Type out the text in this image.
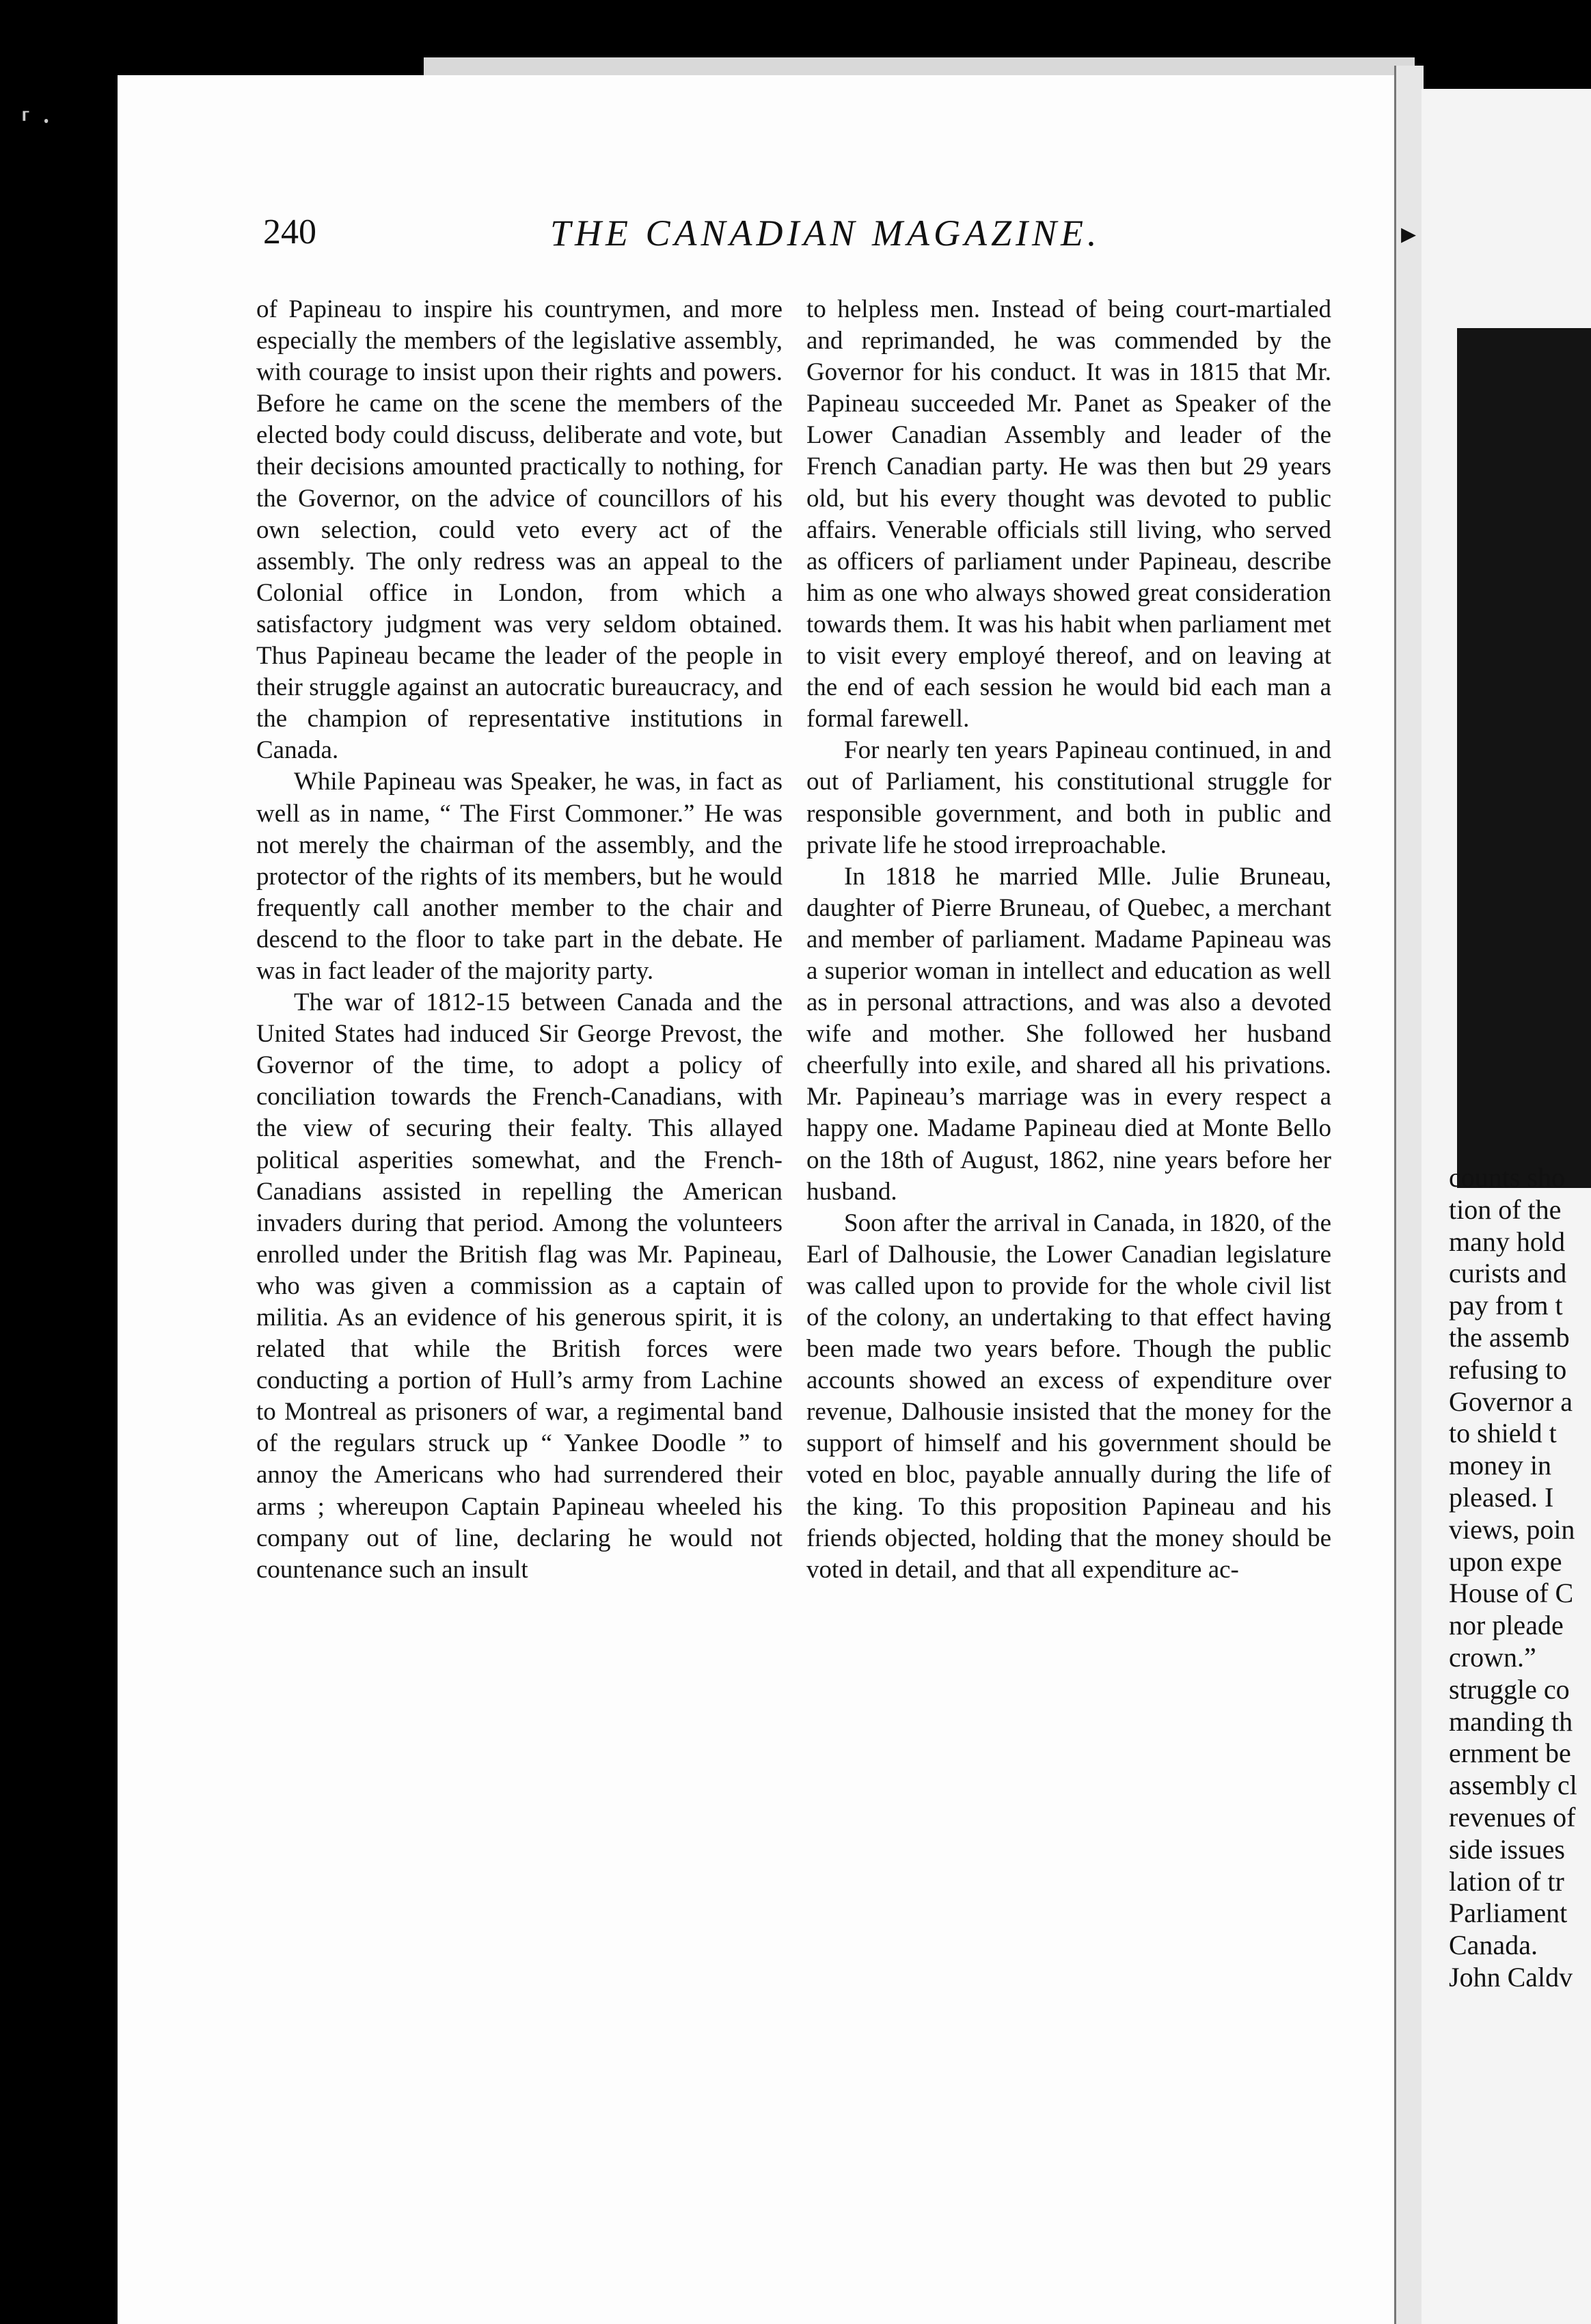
⸢ ᛫
counts sho
tion of the
many hold
curists and
pay from t
the assemb
refusing to
Governor a
to shield t
money in
pleased. I
views, poin
upon expe
House of C
nor pleade
crown.”
struggle co
manding th
ernment be
assembly cl
revenues of
side issues
lation of tr
Parliament
Canada.
John Caldv
240	THE CANADIAN MAGAZINE.	▸

of Papineau to inspire his countrymen, and more especially the members of the legislative assembly, with courage to insist upon their rights and powers. Before he came on the scene the members of the elected body could discuss, deliberate and vote, but their decisions amounted practically to nothing, for the Governor, on the advice of councillors of his own selection, could veto every act of the assembly. The only redress was an appeal to the Colonial office in London, from which a satisfactory judgment was very seldom obtained. Thus Papineau became the leader of the people in their struggle against an autocratic bureaucracy, and the champion of representative institutions in Canada.

While Papineau was Speaker, he was, in fact as well as in name, “ The First Commoner.” He was not merely the chairman of the assembly, and the protector of the rights of its members, but he would frequently call another member to the chair and descend to the floor to take part in the debate. He was in fact leader of the majority party.

The war of 1812-15 between Canada and the United States had induced Sir George Prevost, the Governor of the time, to adopt a policy of conciliation towards the French-Canadians, with the view of securing their fealty. This allayed political asperities somewhat, and the French-Canadians assisted in repelling the American invaders during that period. Among the volunteers enrolled under the British flag was Mr. Papineau, who was given a commission as a captain of militia. As an evidence of his generous spirit, it is related that while the British forces were conducting a portion of Hull’s army from Lachine to Montreal as prisoners of war, a regimental band of the regulars struck up “ Yankee Doodle ” to annoy the Americans who had surrendered their arms ; whereupon Captain Papineau wheeled his company out of line, declaring he would not countenance such an insult

to helpless men. Instead of being court-martialed and reprimanded, he was commended by the Governor for his conduct. It was in 1815 that Mr. Papineau succeeded Mr. Panet as Speaker of the Lower Canadian Assembly and leader of the French Canadian party. He was then but 29 years old, but his every thought was devoted to public affairs. Venerable officials still living, who served as officers of parliament under Papineau, describe him as one who always showed great consideration towards them. It was his habit when parliament met to visit every employé thereof, and on leaving at the end of each session he would bid each man a formal farewell.

For nearly ten years Papineau continued, in and out of Parliament, his constitutional struggle for responsible government, and both in public and private life he stood irreproachable.

In 1818 he married Mlle. Julie Bruneau, daughter of Pierre Bruneau, of Quebec, a merchant and member of parliament. Madame Papineau was a superior woman in intellect and education as well as in personal attractions, and was also a devoted wife and mother. She followed her husband cheerfully into exile, and shared all his privations. Mr. Papineau’s marriage was in every respect a happy one. Madame Papineau died at Monte Bello on the 18th of August, 1862, nine years before her husband.

Soon after the arrival in Canada, in 1820, of the Earl of Dalhousie, the Lower Canadian legislature was called upon to provide for the whole civil list of the colony, an undertaking to that effect having been made two years before. Though the public accounts showed an excess of expenditure over revenue, Dalhousie insisted that the money for the support of himself and his government should be voted en bloc, payable annually during the life of the king. To this proposition Papineau and his friends objected, holding that the money should be voted in detail, and that all expenditure ac-
